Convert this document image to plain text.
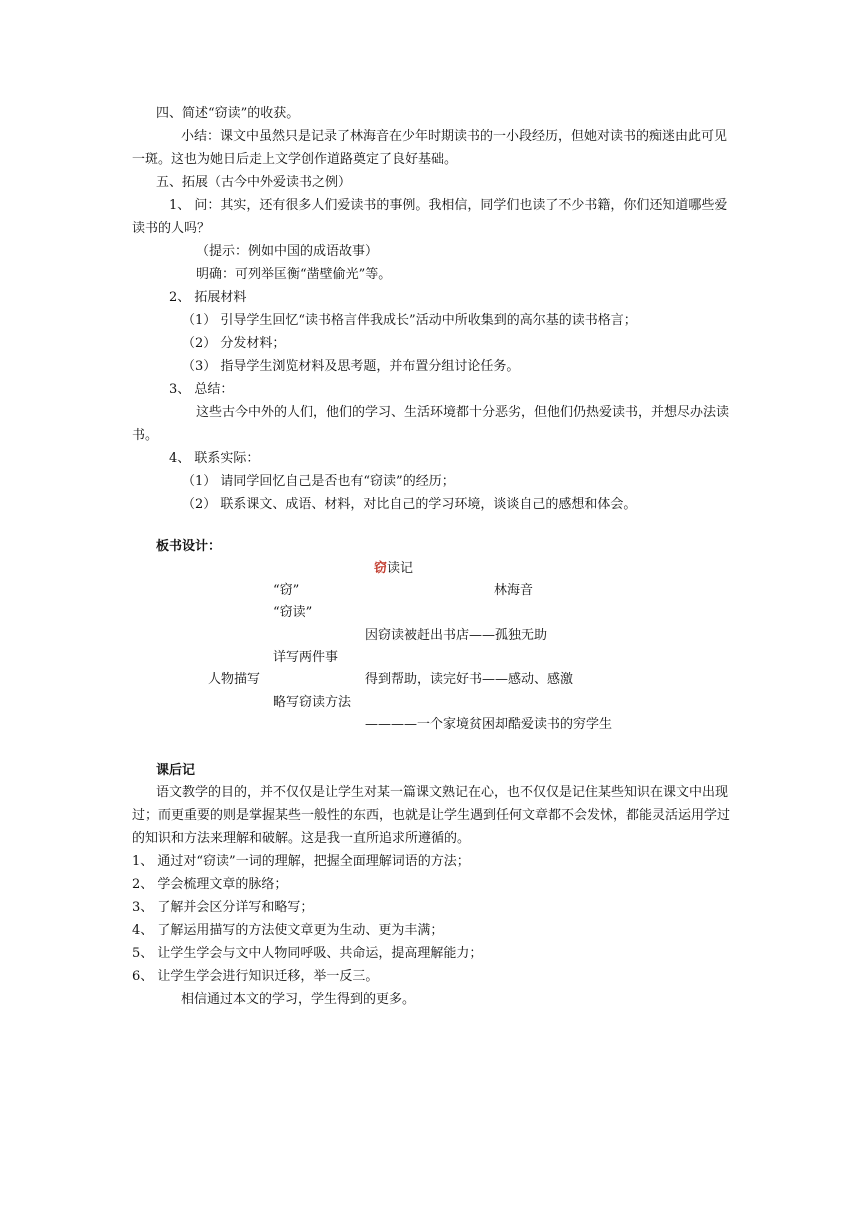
四、简述“窃读”的收获。
小结：课文中虽然只是记录了林海音在少年时期读书的一小段经历，但她对读书的痴迷由此可见
一斑。这也为她日后走上文学创作道路奠定了良好基础。
五、拓展（古今中外爱读书之例）
1、 问：其实，还有很多人们爱读书的事例。我相信，同学们也读了不少书籍，你们还知道哪些爱
读书的人吗？
（提示：例如中国的成语故事）
明确：可列举匡衡“凿壁偷光”等。
2、 拓展材料
（1） 引导学生回忆“读书格言伴我成长”活动中所收集到的高尔基的读书格言；
（2） 分发材料；
（3） 指导学生浏览材料及思考题，并布置分组讨论任务。
3、 总结：
这些古今中外的人们，他们的学习、生活环境都十分恶劣，但他们仍热爱读书，并想尽办法读
书。
4、 联系实际：
（1） 请同学回忆自己是否也有“窃读”的经历；
（2） 联系课文、成语、材料，对比自己的学习环境，谈谈自己的感想和体会。
板书设计：
窃读记
“窃”	林海音
“窃读”
因窃读被赶出书店——孤独无助
详写两件事
人物描写	得到帮助，读完好书——感动、感激
略写窃读方法
————一个家境贫困却酷爱读书的穷学生
课后记
语文教学的目的，并不仅仅是让学生对某一篇课文熟记在心，也不仅仅是记住某些知识在课文中出现
过；而更重要的则是掌握某些一般性的东西，也就是让学生遇到任何文章都不会发怵，都能灵活运用学过
的知识和方法来理解和破解。这是我一直所追求所遵循的。
1、 通过对“窃读”一词的理解，把握全面理解词语的方法；
2、 学会梳理文章的脉络；
3、 了解并会区分详写和略写；
4、 了解运用描写的方法使文章更为生动、更为丰满；
5、 让学生学会与文中人物同呼吸、共命运，提高理解能力；
6、 让学生学会进行知识迁移，举一反三。
相信通过本文的学习，学生得到的更多。
